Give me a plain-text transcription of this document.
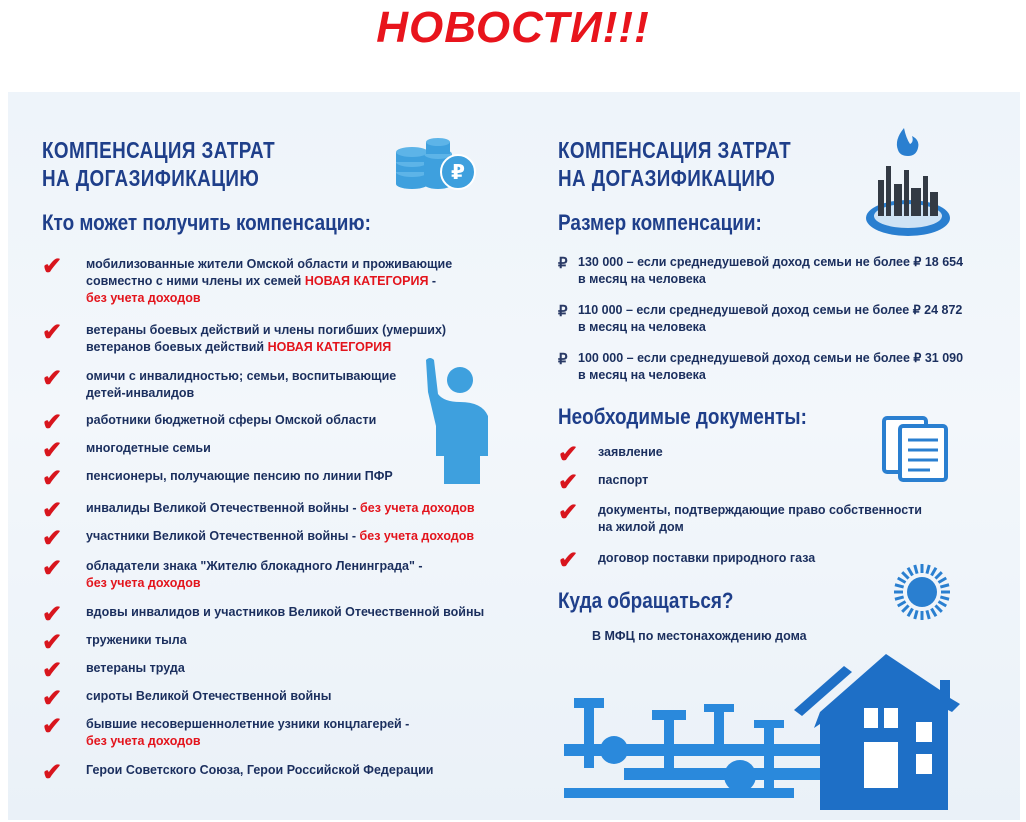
НОВОСТИ!!!
КОМПЕНСАЦИЯ ЗАТРАТ
НА ДОГАЗИФИКАЦИЮ
Кто может получить компенсацию:
₽
✔ мобилизованные жители Омской области и проживающие
совместно с ними члены их семей НОВАЯ КАТЕГОРИЯ -
без учета доходов
✔ ветераны боевых действий и члены погибших (умерших)
ветеранов боевых действий НОВАЯ КАТЕГОРИЯ
✔ омичи с инвалидностью; семьи, воспитывающие
детей-инвалидов
✔ работники бюджетной сферы Омской области
✔ многодетные семьи
✔ пенсионеры, получающие пенсию по линии ПФР
✔ инвалиды Великой Отечественной войны - без учета доходов
✔ участники Великой Отечественной войны - без учета доходов
✔ обладатели знака "Жителю блокадного Ленинграда" -
без учета доходов
✔ вдовы инвалидов и участников Великой Отечественной войны
✔ труженики тыла
✔ ветераны труда
✔ сироты Великой Отечественной войны
✔ бывшие несовершеннолетние узники концлагерей -
без учета доходов
✔ Герои Советского Союза, Герои Российской Федерации
КОМПЕНСАЦИЯ ЗАТРАТ
НА ДОГАЗИФИКАЦИЮ
Размер компенсации:
₽ 130 000 – если среднедушевой доход семьи не более ₽ 18 654
в месяц на человека
₽ 110 000 – если среднедушевой доход семьи не более ₽ 24 872
в месяц на человека
₽ 100 000 – если среднедушевой доход семьи не более ₽ 31 090
в месяц на человека
Необходимые документы:
✔ заявление
✔ паспорт
✔ документы, подтверждающие право собственности
на жилой дом
✔ договор поставки природного газа
Куда обращаться?
В МФЦ по местонахождению дома
